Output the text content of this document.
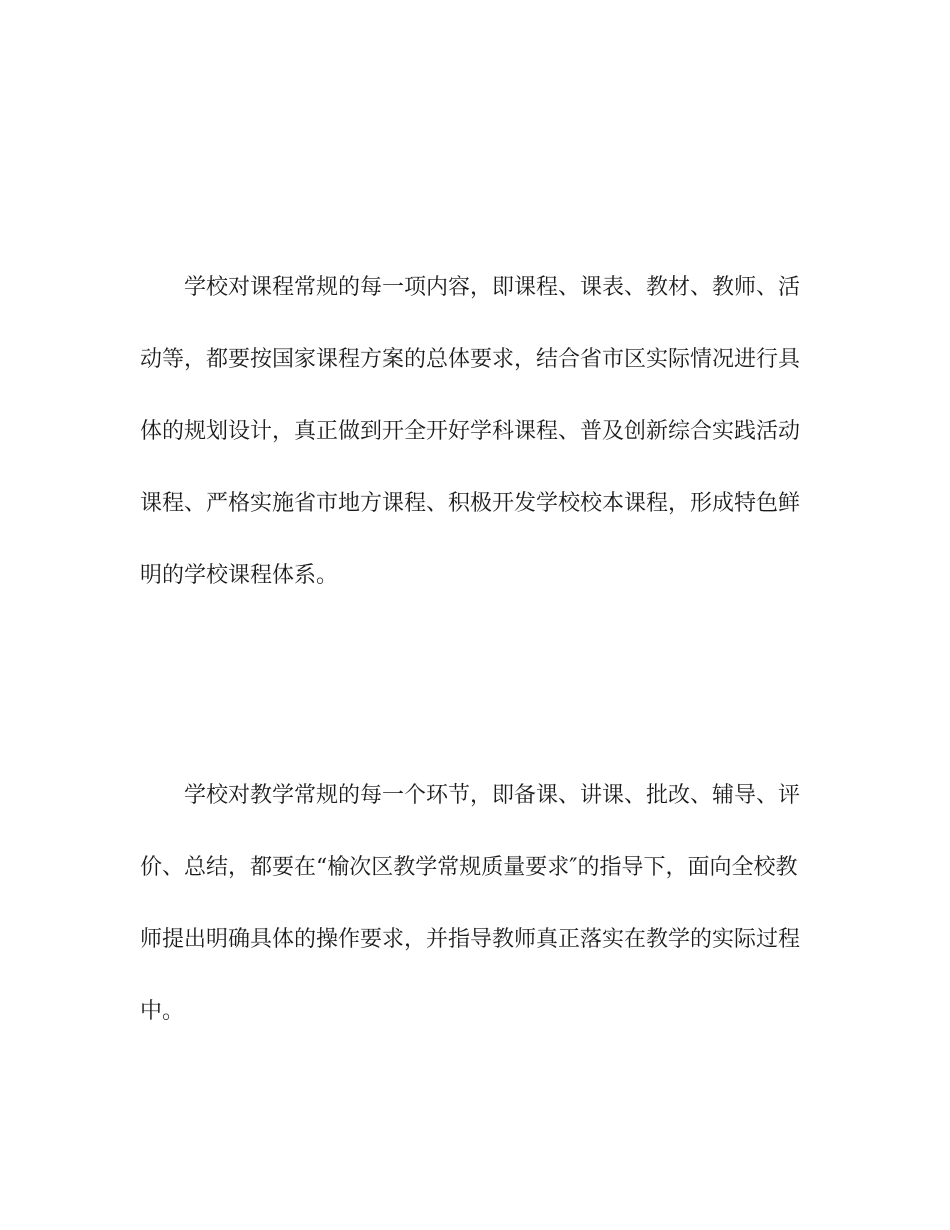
学校对课程常规的每一项内容，即课程、课表、教材、教师、活动等，都要按国家课程方案的总体要求，结合省市区实际情况进行具体的规划设计，真正做到开全开好学科课程、普及创新综合实践活动课程、严格实施省市地方课程、积极开发学校校本课程，形成特色鲜明的学校课程体系。

学校对教学常规的每一个环节，即备课、讲课、批改、辅导、评价、总结，都要在“榆次区教学常规质量要求″的指导下，面向全校教师提出明确具体的操作要求，并指导教师真正落实在教学的实际过程中。
